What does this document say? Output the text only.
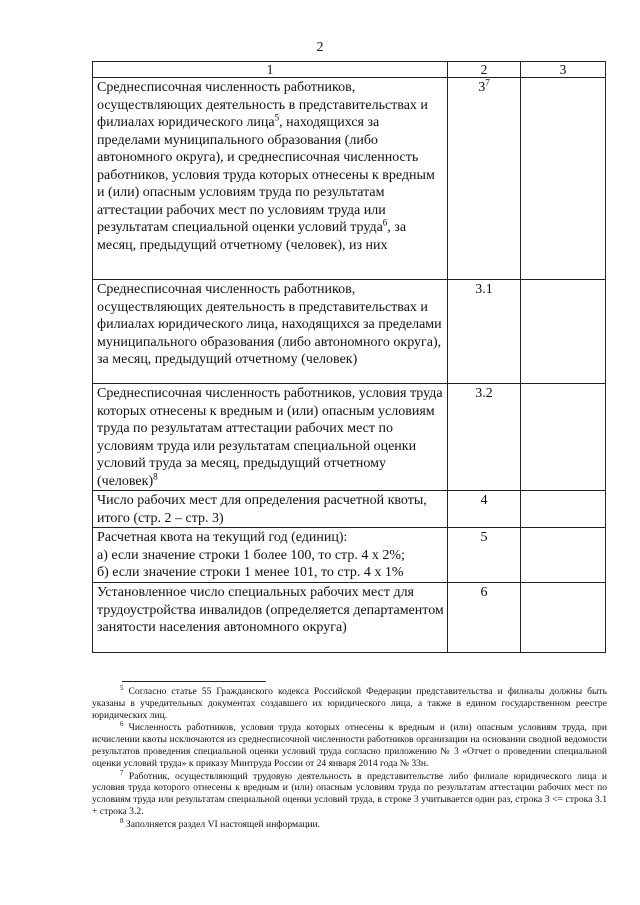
2
1	2	3
Среднесписочная численность работников, осуществляющих деятельность в представительствах и филиалах юридического лица$^5$, находящихся за пределами муниципального образования (либо автономного округа), и среднесписочная численность работников, условия труда которых отнесены к вредным и (или) опасным условиям труда по результатам аттестации рабочих мест по условиям труда или результатам специальной оценки условий труда$^6$, за месяц, предыдущий отчетному (человек), из них	$3^7$	
Среднесписочная численность работников, осуществляющих деятельность в представительствах и филиалах юридического лица, находящихся за пределами муниципального образования (либо автономного округа), за месяц, предыдущий отчетному (человек)	3.1	
Среднесписочная численность работников, условия труда которых отнесены к вредным и (или) опасным условиям труда по результатам аттестации рабочих мест по условиям труда или результатам специальной оценки условий труда за месяц, предыдущий отчетному (человек)$^8$	3.2	
Число рабочих мест для определения расчетной квоты, итого (стр. 2 – стр. 3)	4	
Расчетная квота на текущий год (единиц):
а) если значение строки 1 более 100, то стр. 4 х 2%;
б) если значение строки 1 менее 101, то стр. 4 х 1%	5	
Установленное число специальных рабочих мест для трудоустройства инвалидов (определяется департаментом занятости населения автономного округа)	6	

$^5$ Согласно статье 55 Гражданского кодекса Российской Федерации представительства и филиалы должны быть указаны в учредительных документах создавшего их юридического лица, а также в едином государственном реестре юридических лиц.

$^6$ Численность работников, условия труда которых отнесены к вредным и (или) опасным условиям труда, при исчислении квоты исключаются из среднесписочной численности работников организации на основании сводной ведомости результатов проведения специальной оценки условий труда согласно приложению № 3 «Отчет о проведении специальной оценки условий труда» к приказу Минтруда России от 24 января 2014 года № 33н.

$^7$ Работник, осуществляющий трудовую деятельность в представительстве либо филиале юридического лица и условия труда которого отнесены к вредным и (или) опасным условиям труда по результатам аттестации рабочих мест по условиям труда или результатам специальной оценки условий труда, в строке 3 учитывается один раз, строка 3 <= строка 3.1 + строка 3.2.

$^8$ Заполняется раздел VI настоящей информации.
